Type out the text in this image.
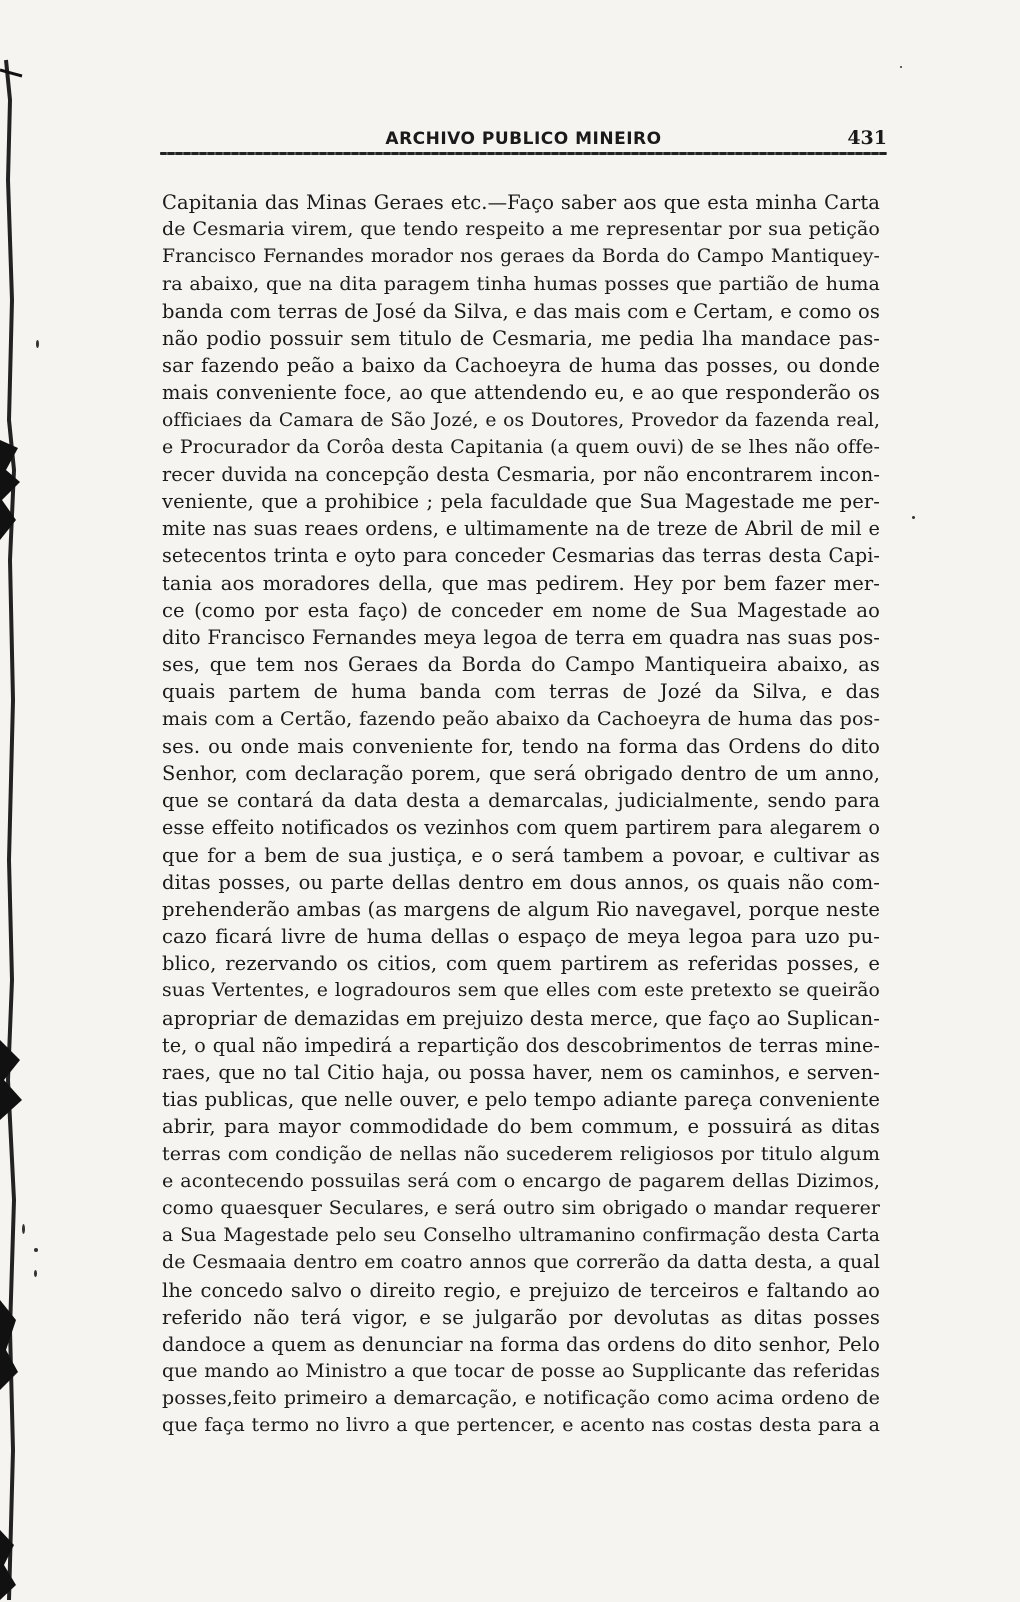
ARCHIVO PUBLICO MINEIRO	431
Capitania das Minas Geraes etc.—Faço saber aos que esta minha Carta
de Cesmaria virem, que tendo respeito a me representar por sua petição
Francisco Fernandes morador nos geraes da Borda do Campo Mantiquey-
ra abaixo, que na dita paragem tinha humas posses que partião de huma
banda com terras de José da Silva, e das mais com e Certam, e como os
não podio possuir sem titulo de Cesmaria, me pedia lha mandace pas-
sar fazendo peão a baixo da Cachoeyra de huma das posses, ou donde
mais conveniente foce, ao que attendendo eu, e ao que responderão os
officiaes da Camara de São Jozé, e os Doutores, Provedor da fazenda real,
e Procurador da Corôa desta Capitania (a quem ouvi) de se lhes não offe-
recer duvida na concepção desta Cesmaria, por não encontrarem incon-
veniente, que a prohibice ; pela faculdade que Sua Magestade me per-
mite nas suas reaes ordens, e ultimamente na de treze de Abril de mil e
setecentos trinta e oyto para conceder Cesmarias das terras desta Capi-
tania aos moradores della, que mas pedirem. Hey por bem fazer mer-
ce (como por esta faço) de conceder em nome de Sua Magestade ao
dito Francisco Fernandes meya legoa de terra em quadra nas suas pos-
ses, que tem nos Geraes da Borda do Campo Mantiqueira abaixo, as
quais partem de huma banda com terras de Jozé da Silva, e das
mais com a Certão, fazendo peão abaixo da Cachoeyra de huma das pos-
ses. ou onde mais conveniente for, tendo na forma das Ordens do dito
Senhor, com declaração porem, que será obrigado dentro de um anno,
que se contará da data desta a demarcalas, judicialmente, sendo para
esse effeito notificados os vezinhos com quem partirem para alegarem o
que for a bem de sua justiça, e o será tambem a povoar, e cultivar as
ditas posses, ou parte dellas dentro em dous annos, os quais não com-
prehenderão ambas (as margens de algum Rio navegavel, porque neste
cazo ficará livre de huma dellas o espaço de meya legoa para uzo pu-
blico, rezervando os citios, com quem partirem as referidas posses, e
suas Vertentes, e logradouros sem que elles com este pretexto se queirão
apropriar de demazidas em prejuizo desta merce, que faço ao Suplican-
te, o qual não impedirá a repartição dos descobrimentos de terras mine-
raes, que no tal Citio haja, ou possa haver, nem os caminhos, e serven-
tias publicas, que nelle ouver, e pelo tempo adiante pareça conveniente
abrir, para mayor commodidade do bem commum, e possuirá as ditas
terras com condição de nellas não sucederem religiosos por titulo algum
e acontecendo possuilas será com o encargo de pagarem dellas Dizimos,
como quaesquer Seculares, e será outro sim obrigado o mandar requerer
a Sua Magestade pelo seu Conselho ultramanino confirmação desta Carta
de Cesmaaia dentro em coatro annos que correrão da datta desta, a qual
lhe concedo salvo o direito regio, e prejuizo de terceiros e faltando ao
referido não terá vigor, e se julgarão por devolutas as ditas posses
dandoce a quem as denunciar na forma das ordens do dito senhor, Pelo
que mando ao Ministro a que tocar de posse ao Supplicante das referidas
posses,feito primeiro a demarcação, e notificação como acima ordeno de
que faça termo no livro a que pertencer, e acento nas costas desta para a
